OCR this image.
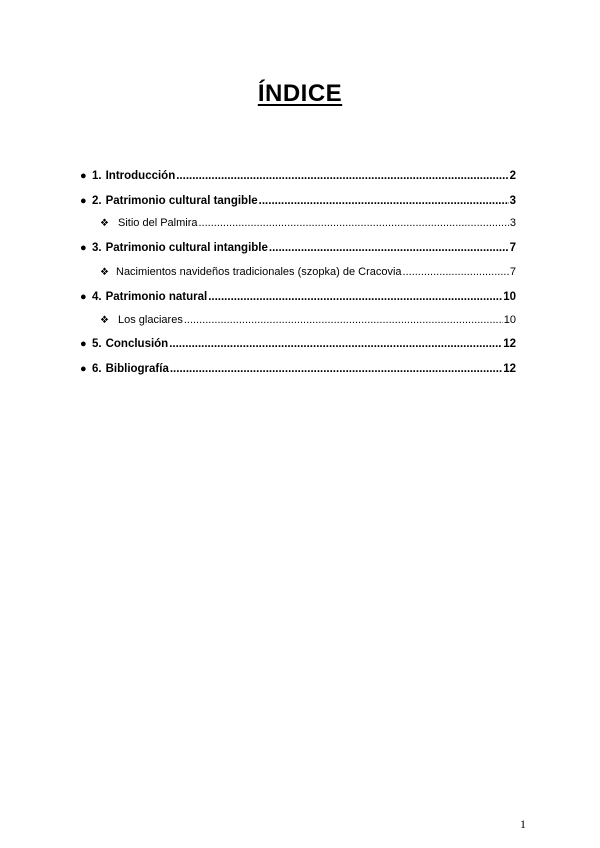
ÍNDICE
● 1. Introducción .....	2
● 2. Patrimonio cultural tangible .....	3
❖ Sitio del Palmira .....	3
● 3. Patrimonio cultural intangible .....	7
❖ Nacimientos navideños tradicionales (szopka) de Cracovia .....	7
● 4. Patrimonio natural .....	10
❖ Los glaciares .....	10
● 5. Conclusión .....	12
● 6. Bibliografía .....	12
1
